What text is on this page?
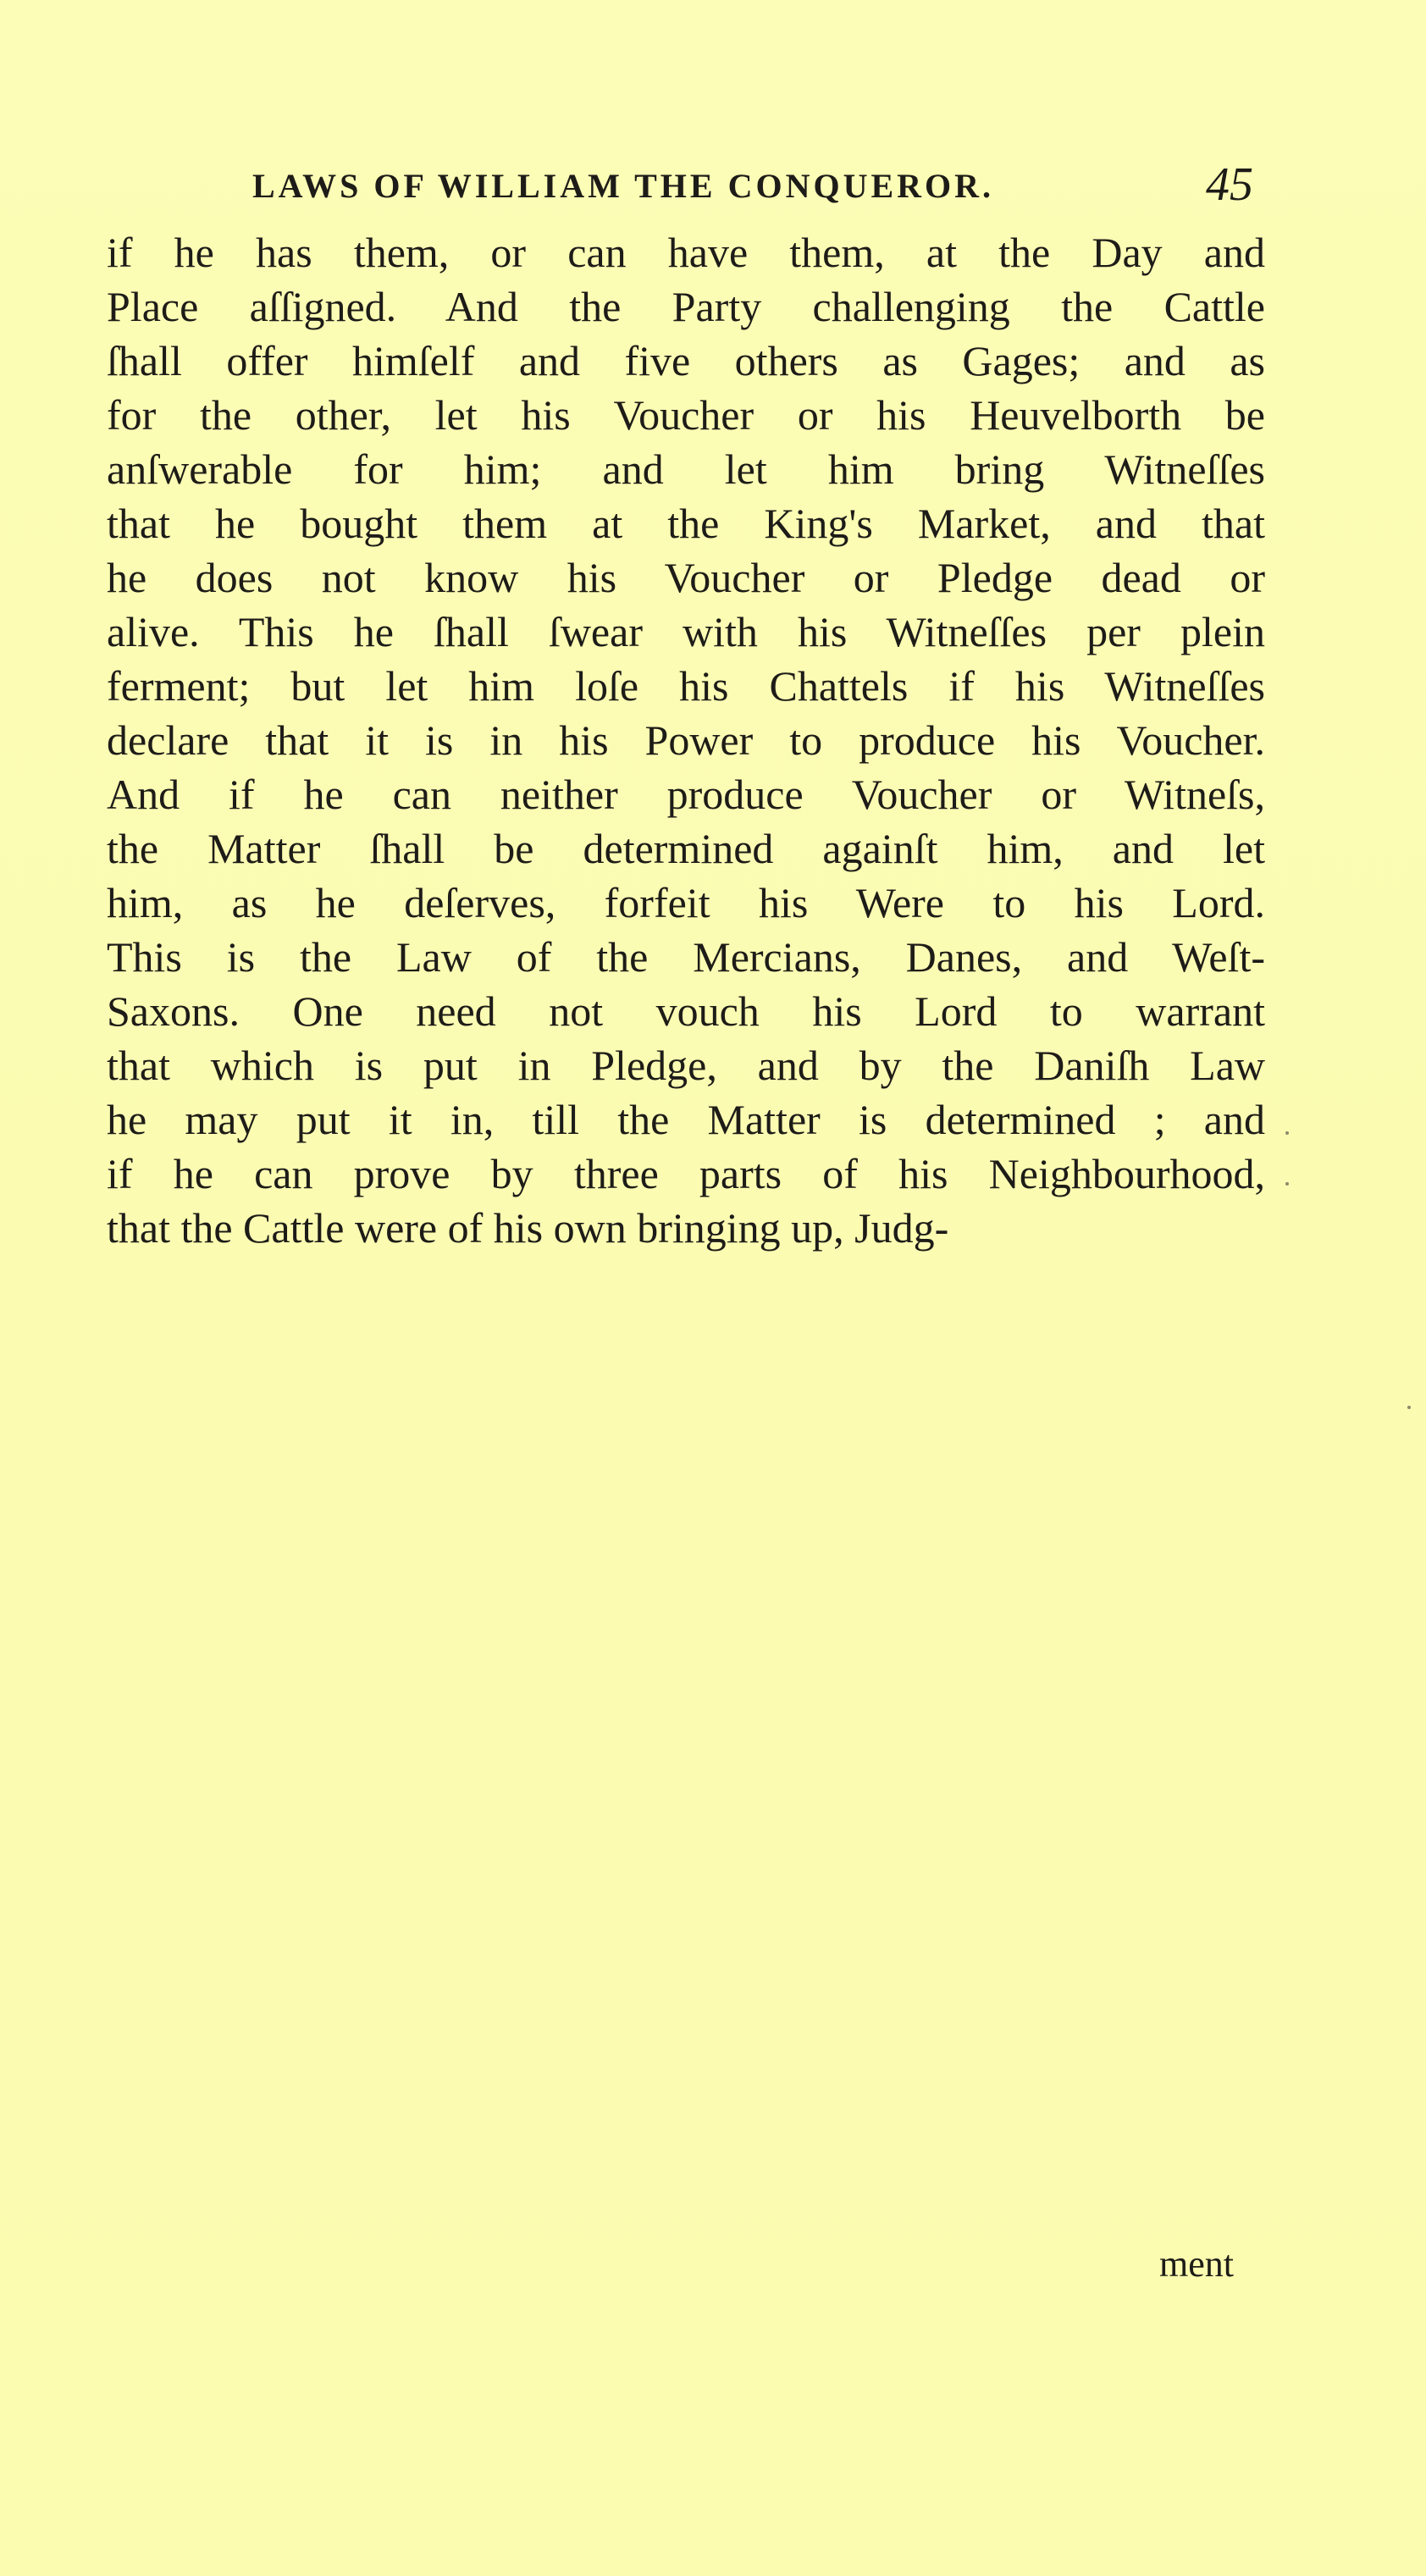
LAWS OF WILLIAM THE CONQUEROR.	45
if he has them, or can have them, at the Day and
Place aſſigned. And the Party challenging the Cattle
ſhall offer himſelf and five others as Gages; and as
for the other, let his Voucher or his Heuvelborth be
anſwerable for him; and let him bring Witneſſes
that he bought them at the King's Market, and that
he does not know his Voucher or Pledge dead or
alive. This he ſhall ſwear with his Witneſſes per plein
ferment; but let him loſe his Chattels if his Witneſſes
declare that it is in his Power to produce his Voucher.
And if he can neither produce Voucher or Witneſs,
the Matter ſhall be determined againſt him, and let
him, as he deſerves, forfeit his Were to his Lord.
This is the Law of the Mercians, Danes, and Weſt-
Saxons. One need not vouch his Lord to warrant
that which is put in Pledge, and by the Daniſh Law
he may put it in, till the Matter is determined ; and
if he can prove by three parts of his Neighbourhood,
that the Cattle were of his own bringing up, Judg-
ment
